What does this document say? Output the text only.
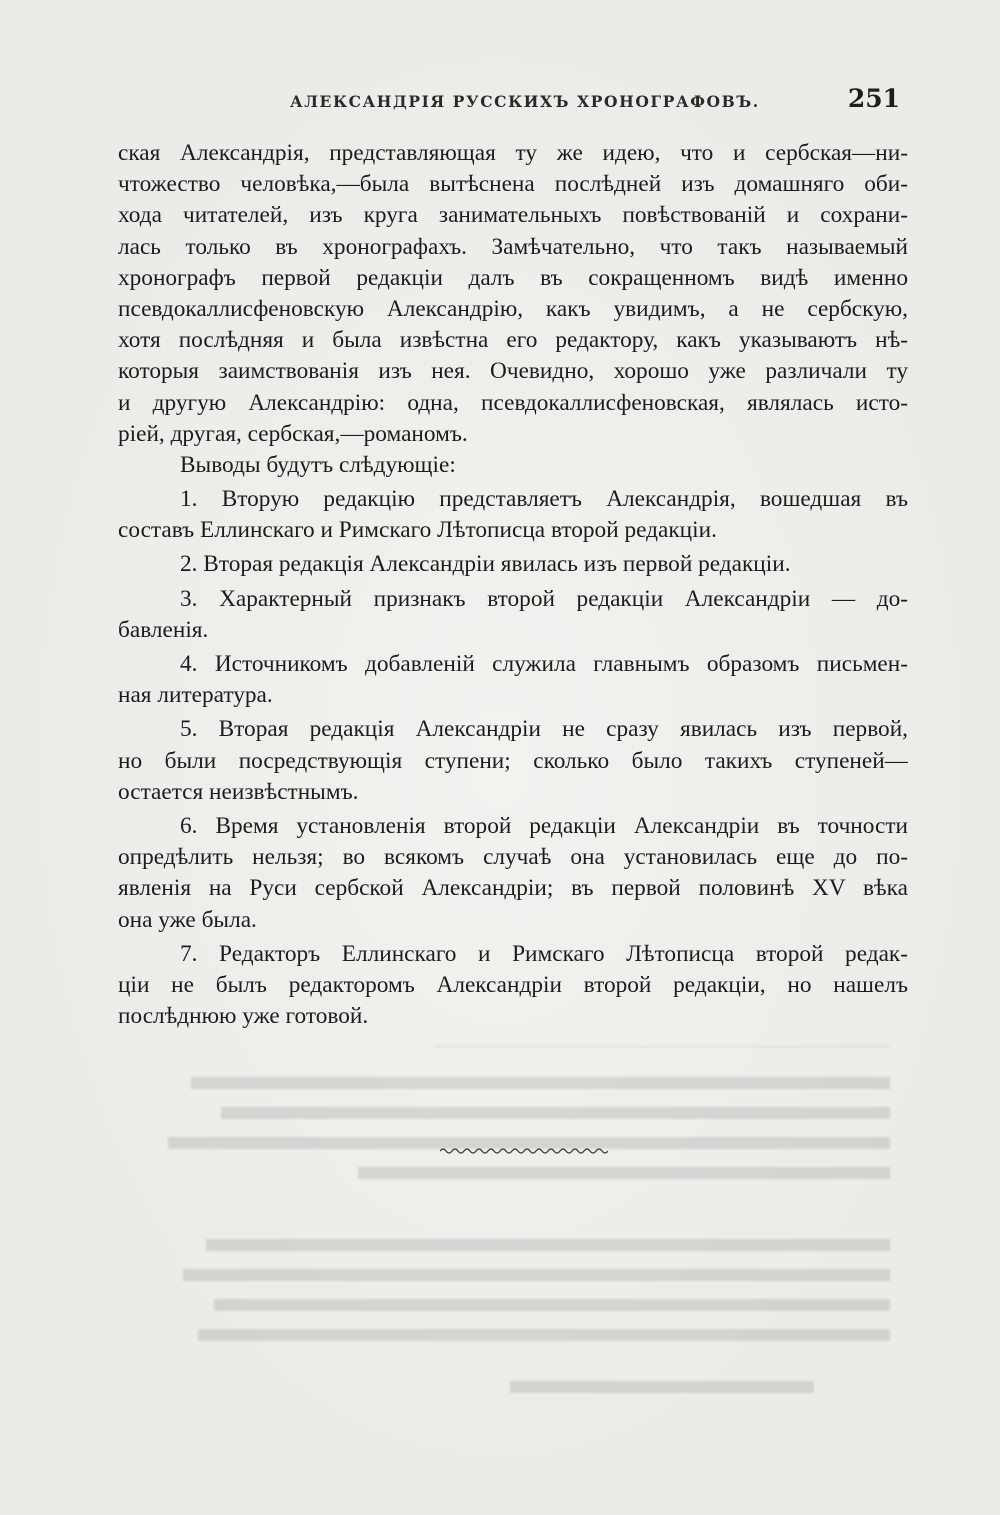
АЛЕКСАНДРІЯ РУССКИХЪ ХРОНОГРАФОВЪ.	251
ская Александрія, представляющая ту же идею, что и сербская—ни-
чтожество человѣка,—была вытѣснена послѣдней изъ домашняго оби-
хода читателей, изъ круга занимательныхъ повѣствованій и сохрани-
лась только въ хронографахъ. Замѣчательно, что такъ называемый
хронографъ первой редакціи далъ въ сокращенномъ видѣ именно
псевдокаллисфеновскую Александрію, какъ увидимъ, а не сербскую,
хотя послѣдняя и была извѣстна его редактору, какъ указываютъ нѣ-
которыя заимствованія изъ нея. Очевидно, хорошо уже различали ту
и другую Александрію: одна, псевдокаллисфеновская, являлась исто-
ріей, другая, сербская,—романомъ.
Выводы будутъ слѣдующіе:
1. Вторую редакцію представляетъ Александрія, вошедшая въ
составъ Еллинскаго и Римскаго Лѣтописца второй редакціи.
2. Вторая редакція Александріи явилась изъ первой редакціи.
3. Характерный признакъ второй редакціи Александріи — до-
бавленія.
4. Источникомъ добавленій служила главнымъ образомъ письмен-
ная литература.
5. Вторая редакція Александріи не сразу явилась изъ первой,
но были посредствующія ступени; сколько было такихъ ступеней—
остается неизвѣстнымъ.
6. Время установленія второй редакціи Александріи въ точности
опредѣлить нельзя; во всякомъ случаѣ она установилась еще до по-
явленія на Руси сербской Александріи; въ первой половинѣ XV вѣка
она уже была.
7. Редакторъ Еллинскаго и Римскаго Лѣтописца второй редак-
ціи не былъ редакторомъ Александріи второй редакціи, но нашелъ
послѣднюю уже готовой.
